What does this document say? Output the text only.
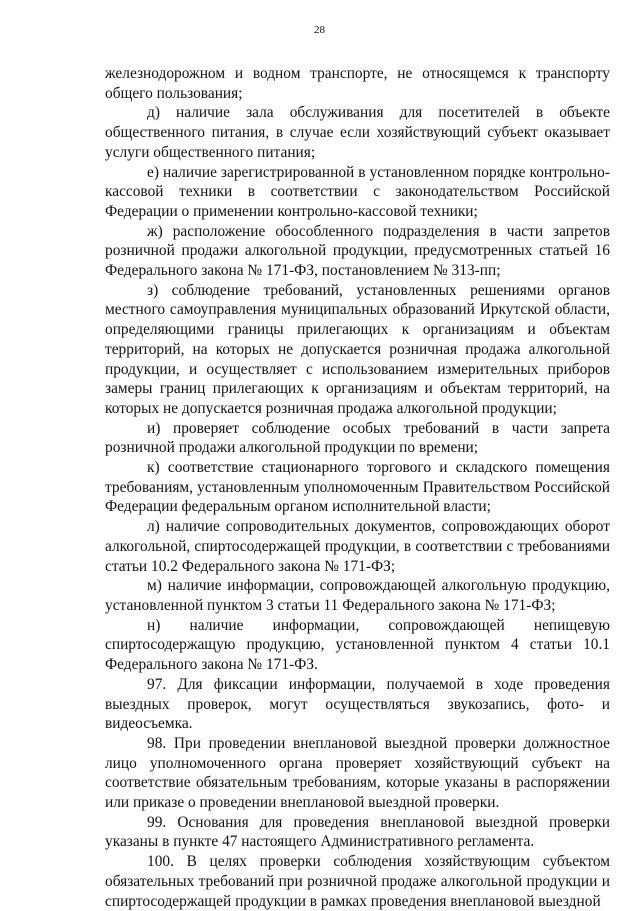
28

железнодорожном и водном транспорте, не относящемся к транспорту общего пользования;

д) наличие зала обслуживания для посетителей в объекте общественного питания, в случае если хозяйствующий субъект оказывает услуги общественного питания;

е) наличие зарегистрированной в установленном порядке контрольно-кассовой техники в соответствии с законодательством Российской Федерации о применении контрольно-кассовой техники;

ж) расположение обособленного подразделения в части запретов розничной продажи алкогольной продукции, предусмотренных статьей 16 Федерального закона № 171-ФЗ, постановлением № 313-пп;

з) соблюдение требований, установленных решениями органов местного самоуправления муниципальных образований Иркутской области, определяющими границы прилегающих к организациям и объектам территорий, на которых не допускается розничная продажа алкогольной продукции, и осуществляет с использованием измерительных приборов замеры границ прилегающих к организациям и объектам территорий, на которых не допускается розничная продажа алкогольной продукции;

и) проверяет соблюдение особых требований в части запрета розничной продажи алкогольной продукции по времени;

к) соответствие стационарного торгового и складского помещения требованиям, установленным уполномоченным Правительством Российской Федерации федеральным органом исполнительной власти;

л) наличие сопроводительных документов, сопровождающих оборот алкогольной, спиртосодержащей продукции, в соответствии с требованиями статьи 10.2 Федерального закона № 171-ФЗ;

м) наличие информации, сопровождающей алкогольную продукцию, установленной пунктом 3 статьи 11 Федерального закона № 171-ФЗ;

н) наличие информации, сопровождающей непищевую спиртосодержащую продукцию, установленной пунктом 4 статьи 10.1 Федерального закона № 171-ФЗ.

97. Для фиксации информации, получаемой в ходе проведения выездных проверок, могут осуществляться звукозапись, фото- и видеосъемка.

98. При проведении внеплановой выездной проверки должностное лицо уполномоченного органа проверяет хозяйствующий субъект на соответствие обязательным требованиям, которые указаны в распоряжении или приказе о проведении внеплановой выездной проверки.

99. Основания для проведения внеплановой выездной проверки указаны в пункте 47 настоящего Административного регламента.

100. В целях проверки соблюдения хозяйствующим субъектом обязательных требований при розничной продаже алкогольной продукции и спиртосодержащей продукции в рамках проведения внеплановой выездной
